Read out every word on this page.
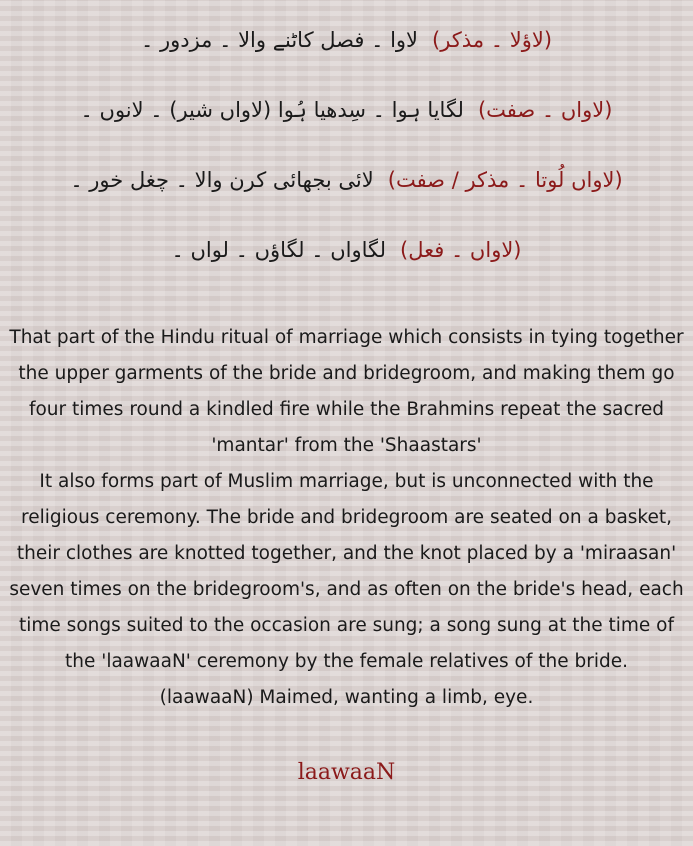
(لاؤلا ۔ مذکر)لاوا ۔ فصل کاٹنے والا ۔ مزدور ۔
(لاواں ۔ صفت)لگایا ہوا ۔ سِدھیا ہُوا (لاواں شیر) ۔ لانوں ۔
(لاواں لُوتا ۔ مذکر / صفت)لائی بجھائی کرن والا ۔ چغل خور ۔
(لاواں ۔ فعل)لگاواں ۔ لگاؤں ۔ لواں ۔

That part of the Hindu ritual of marriage which consists in tying together the upper garments of the bride and bridegroom, and making them go four times round a kindled fire while the Brahmins repeat the sacred 'mantar' from the 'Shaastars'

It also forms part of Muslim marriage, but is unconnected with the religious ceremony. The bride and bridegroom are seated on a basket, their clothes are knotted together, and the knot placed by a 'miraasan' seven times on the bridegroom's, and as often on the bride's head, each time songs suited to the occasion are sung; a song sung at the time of the 'laawaaN' ceremony by the female relatives of the bride.

(laawaaN) Maimed, wanting a limb, eye.

laawaaN
